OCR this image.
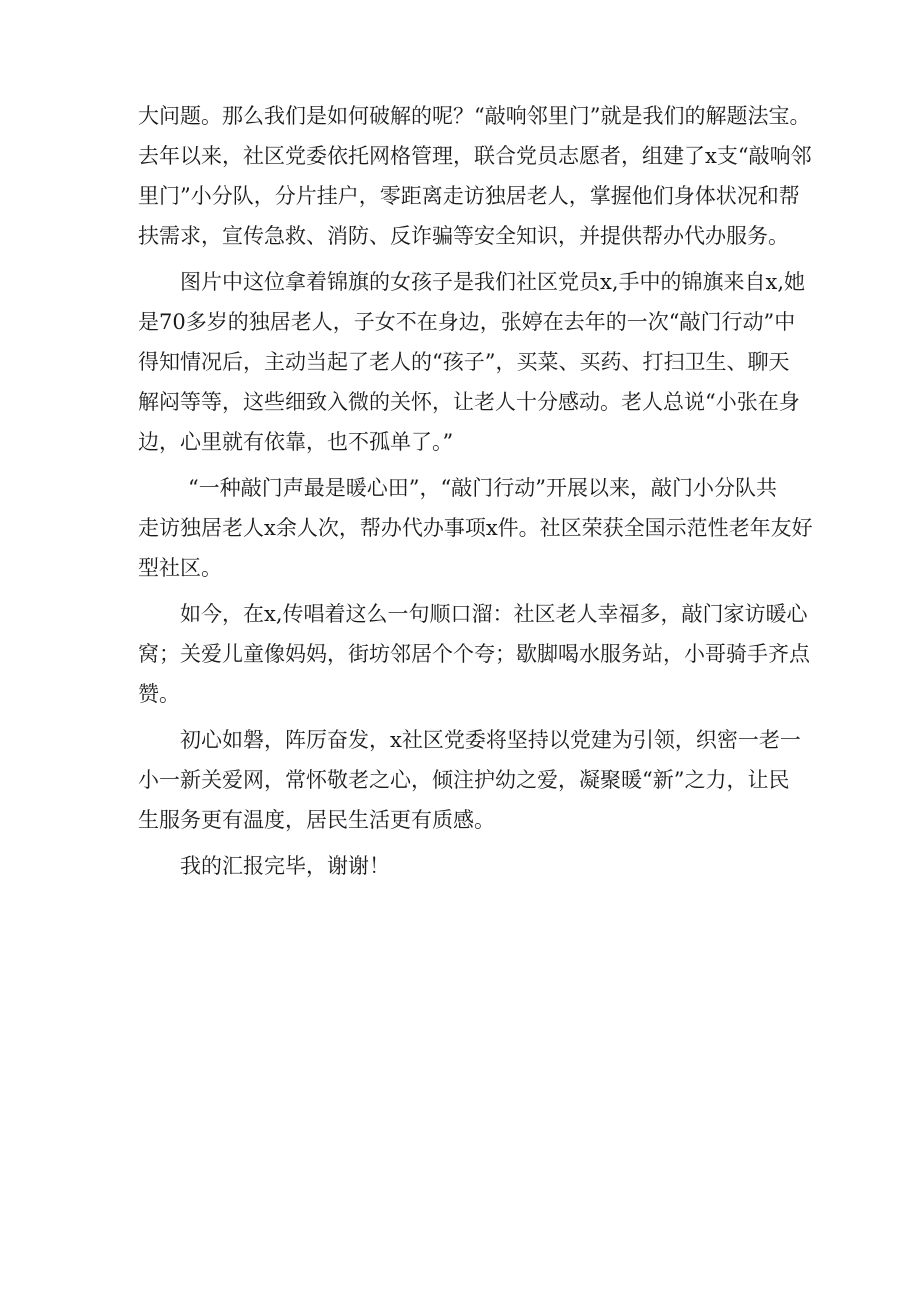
大问题。那么我们是如何破解的呢？“敲响邻里门”就是我们的解题法宝。
去年以来，社区党委依托网格管理，联合党员志愿者，组建了x支“敲响邻
里门”小分队，分片挂户，零距离走访独居老人，掌握他们身体状况和帮
扶需求，宣传急救、消防、反诈骗等安全知识，并提供帮办代办服务。

图片中这位拿着锦旗的女孩子是我们社区党员x,手中的锦旗来自x,她
是70多岁的独居老人，子女不在身边，张婷在去年的一次“敲门行动”中
得知情况后，主动当起了老人的“孩子”，买菜、买药、打扫卫生、聊天
解闷等等，这些细致入微的关怀，让老人十分感动。老人总说“小张在身
边，心里就有依靠，也不孤单了。”

“一种敲门声最是暖心田”，“敲门行动”开展以来，敲门小分队共
走访独居老人x余人次，帮办代办事项x件。社区荣获全国示范性老年友好
型社区。

如今，在x,传唱着这么一句顺口溜：社区老人幸福多，敲门家访暖心
窝；关爱儿童像妈妈，街坊邻居个个夸；歇脚喝水服务站，小哥骑手齐点
赞。

初心如磐，阵厉奋发，x社区党委将坚持以党建为引领，织密一老一
小一新关爱网，常怀敬老之心，倾注护幼之爱，凝聚暖“新”之力，让民
生服务更有温度，居民生活更有质感。

我的汇报完毕，谢谢！
